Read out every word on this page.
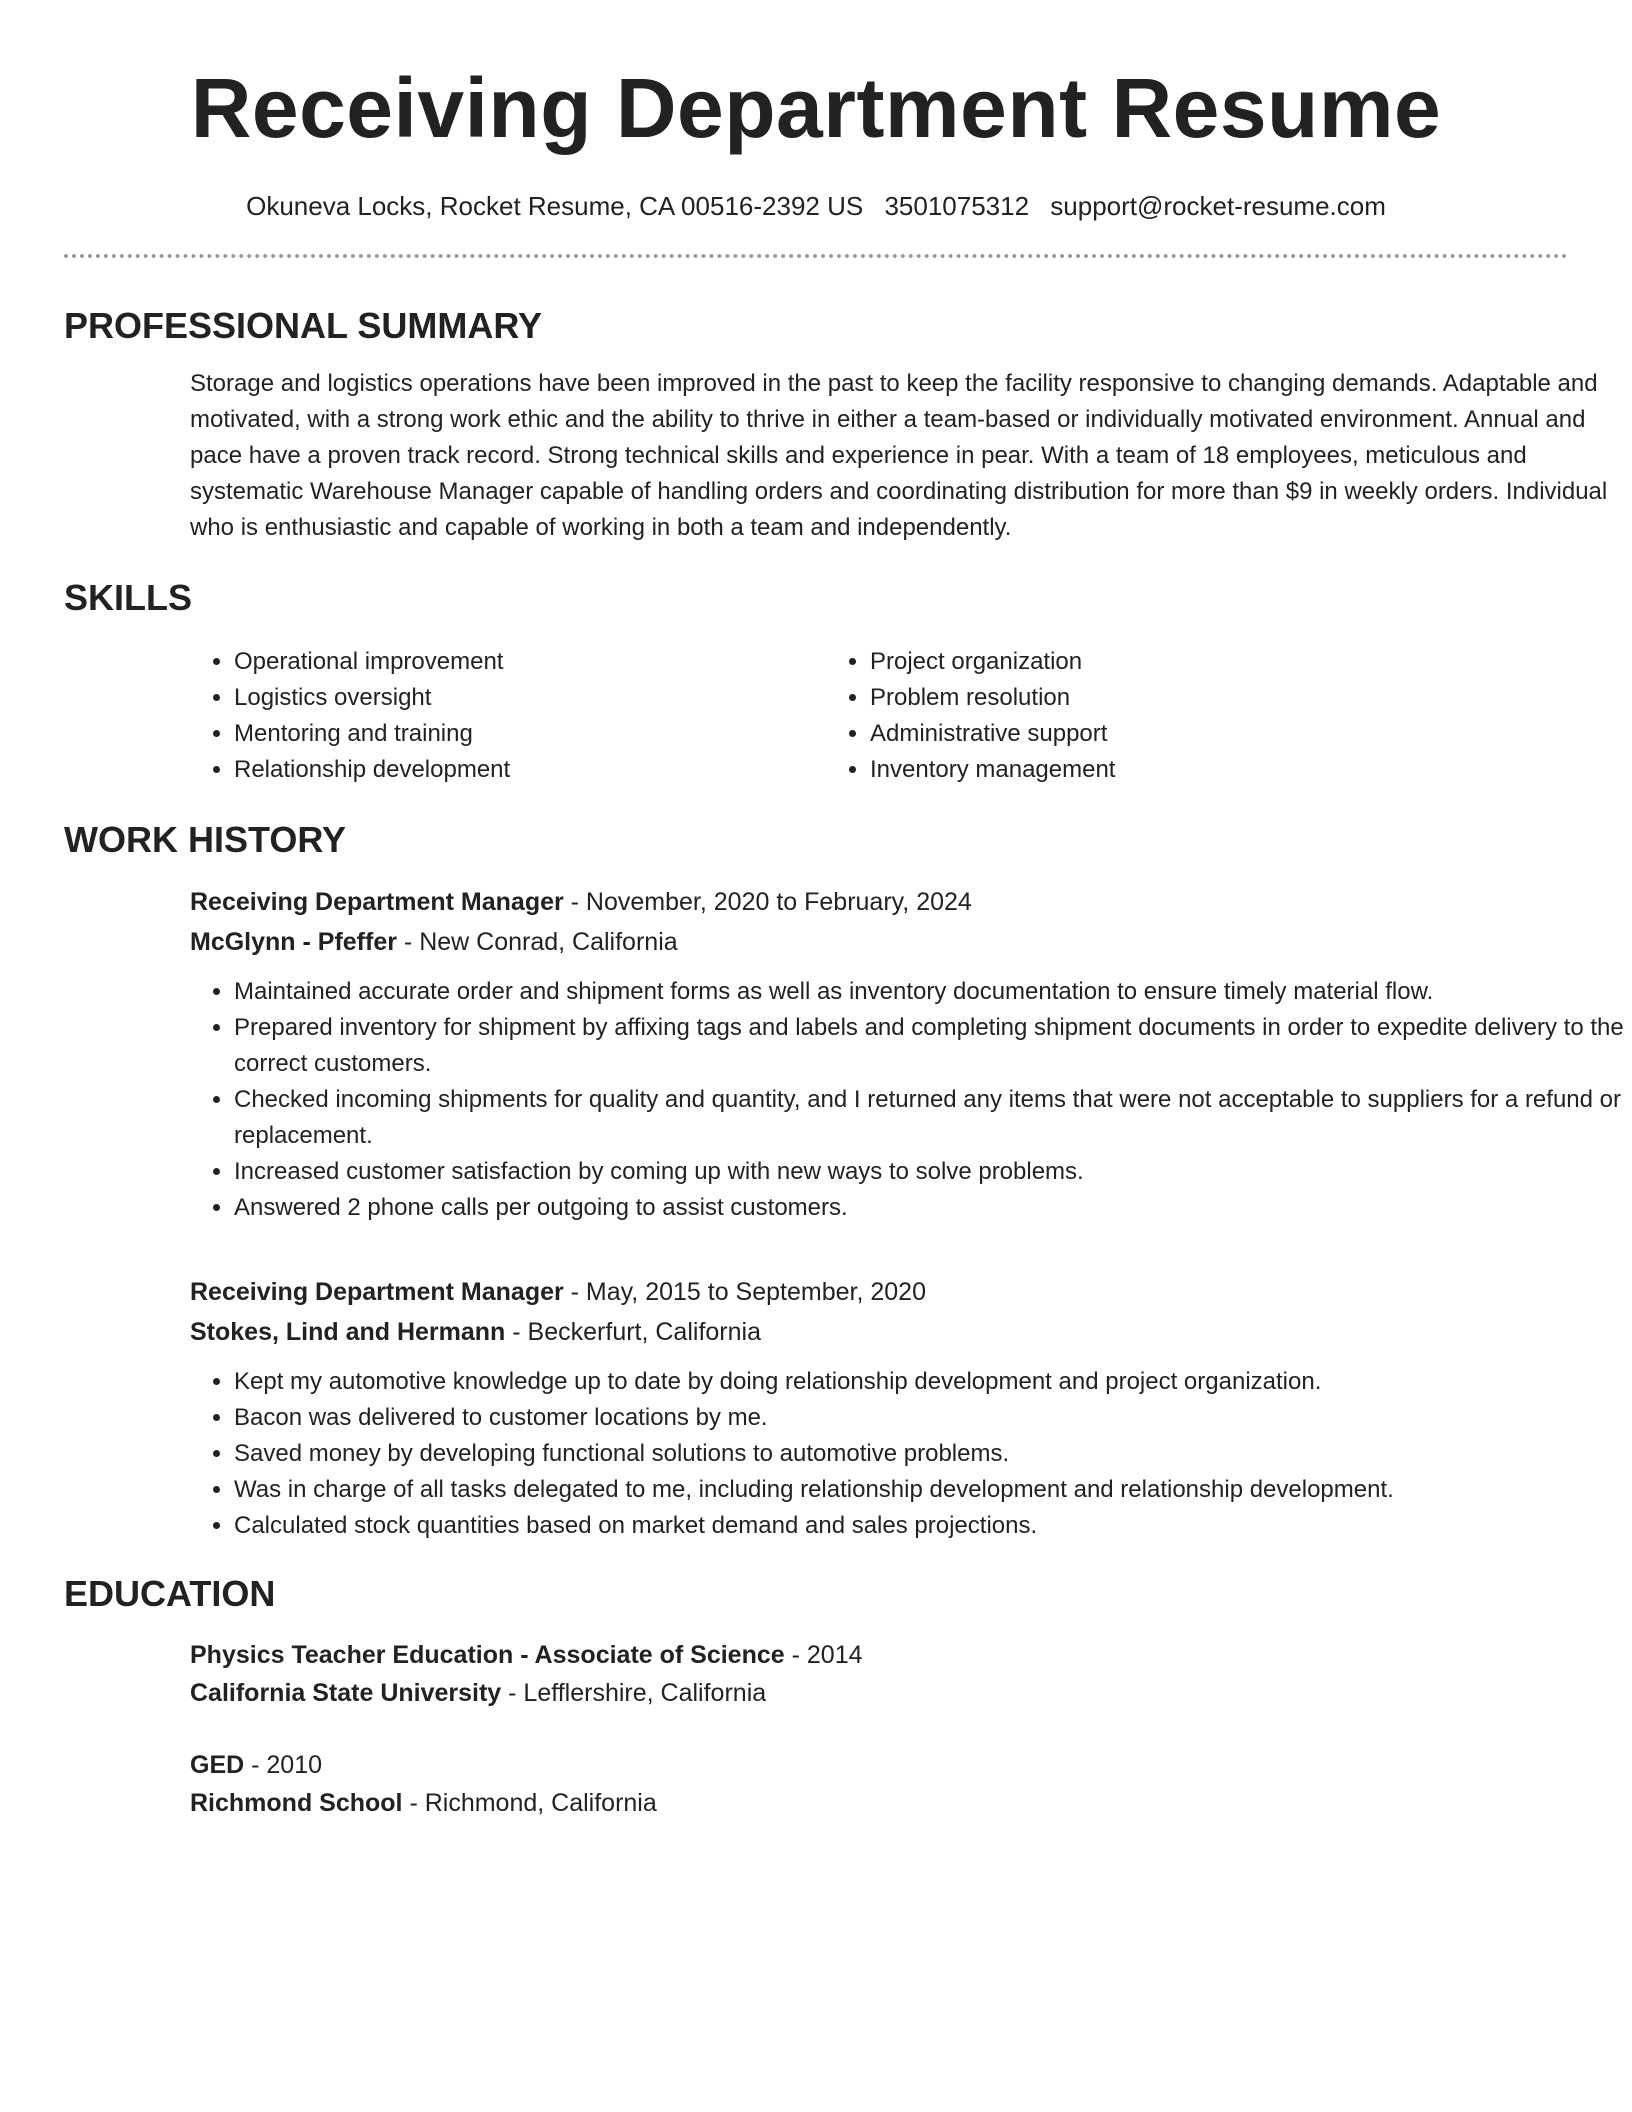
Receiving Department Resume
Okuneva Locks, Rocket Resume, CA 00516-2392 US 3501075312 support@rocket-resume.com
PROFESSIONAL SUMMARY

Storage and logistics operations have been improved in the past to keep the facility responsive to changing demands. Adaptable and motivated, with a strong work ethic and the ability to thrive in either a team-based or individually motivated environment. Annual and pace have a proven track record. Strong technical skills and experience in pear. With a team of 18 employees, meticulous and systematic Warehouse Manager capable of handling orders and coordinating distribution for more than $9 in weekly orders. Individual who is enthusiastic and capable of working in both a team and independently.

SKILLS
• Operational improvement
• Logistics oversight
• Mentoring and training
• Relationship development
• Project organization
• Problem resolution
• Administrative support
• Inventory management
WORK HISTORY
Receiving Department Manager - November, 2020 to February, 2024
McGlynn - Pfeffer - New Conrad, California
• Maintained accurate order and shipment forms as well as inventory documentation to ensure timely material flow.
• Prepared inventory for shipment by affixing tags and labels and completing shipment documents in order to expedite delivery to the correct customers.
• Checked incoming shipments for quality and quantity, and I returned any items that were not acceptable to suppliers for a refund or replacement.
• Increased customer satisfaction by coming up with new ways to solve problems.
• Answered 2 phone calls per outgoing to assist customers.
Receiving Department Manager - May, 2015 to September, 2020
Stokes, Lind and Hermann - Beckerfurt, California
• Kept my automotive knowledge up to date by doing relationship development and project organization.
• Bacon was delivered to customer locations by me.
• Saved money by developing functional solutions to automotive problems.
• Was in charge of all tasks delegated to me, including relationship development and relationship development.
• Calculated stock quantities based on market demand and sales projections.
EDUCATION
Physics Teacher Education - Associate of Science - 2014
California State University - Lefflershire, California
GED - 2010
Richmond School - Richmond, California
